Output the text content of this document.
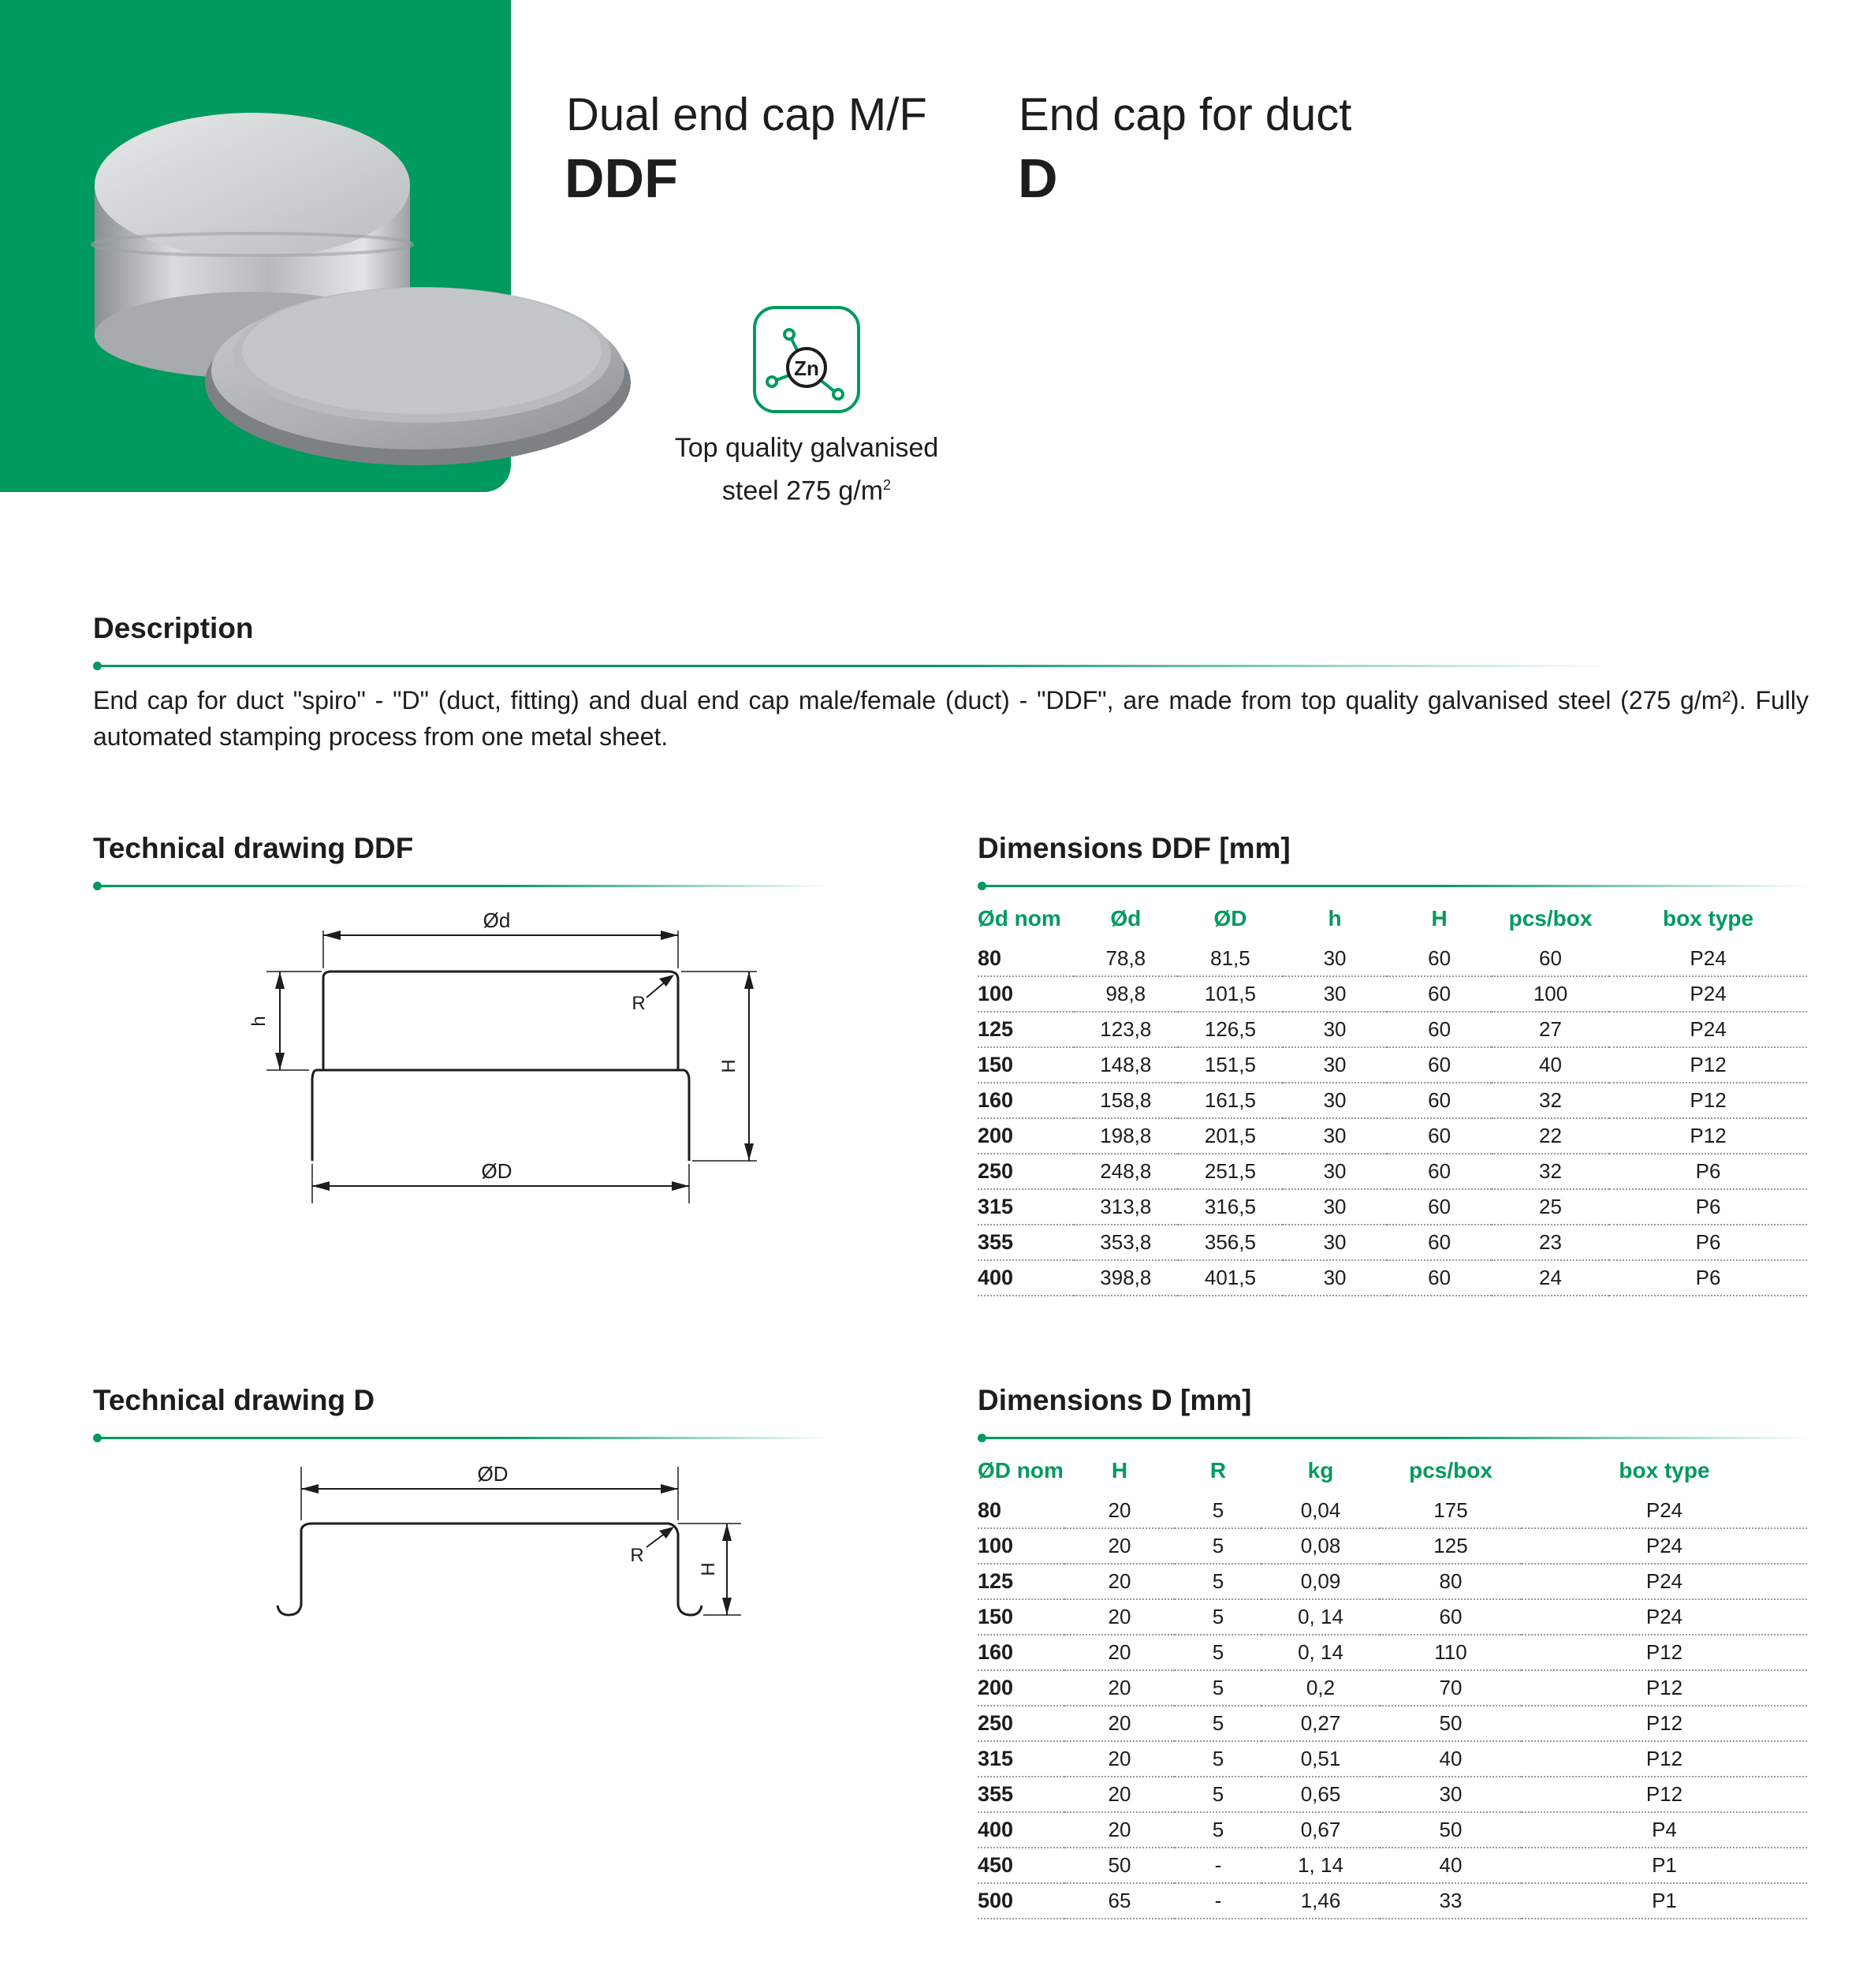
Dual end cap M/F
DDF
End cap for duct
D
Zn
Top quality galvanised
steel 275 $g/m^2$
Description
End cap for duct "spiro" - "D" (duct, fitting) and dual end cap male/female (duct) - "DDF", are made from top quality galvanised steel (275 g/m²). Fully automated stamping process from one metal sheet.
Technical drawing DDF
Ød
ØD
R
h
H
Dimensions DDF [mm]
Ød nom	Ød	ØD	h	H	pcs/box	box type
80	78,8	81,5	30	60	60	P24
100	98,8	101,5	30	60	100	P24
125	123,8	126,5	30	60	27	P24
150	148,8	151,5	30	60	40	P12
160	158,8	161,5	30	60	32	P12
200	198,8	201,5	30	60	22	P12
250	248,8	251,5	30	60	32	P6
315	313,8	316,5	30	60	25	P6
355	353,8	356,5	30	60	23	P6
400	398,8	401,5	30	60	24	P6
Technical drawing D
ØD
R
H
Dimensions D [mm]
ØD nom	H	R	kg	pcs/box	box type
80	20	5	0,04	175	P24
100	20	5	0,08	125	P24
125	20	5	0,09	80	P24
150	20	5	0, 14	60	P24
160	20	5	0, 14	110	P12
200	20	5	0,2	70	P12
250	20	5	0,27	50	P12
315	20	5	0,51	40	P12
355	20	5	0,65	30	P12
400	20	5	0,67	50	P4
450	50	-	1, 14	40	P1
500	65	-	1,46	33	P1
